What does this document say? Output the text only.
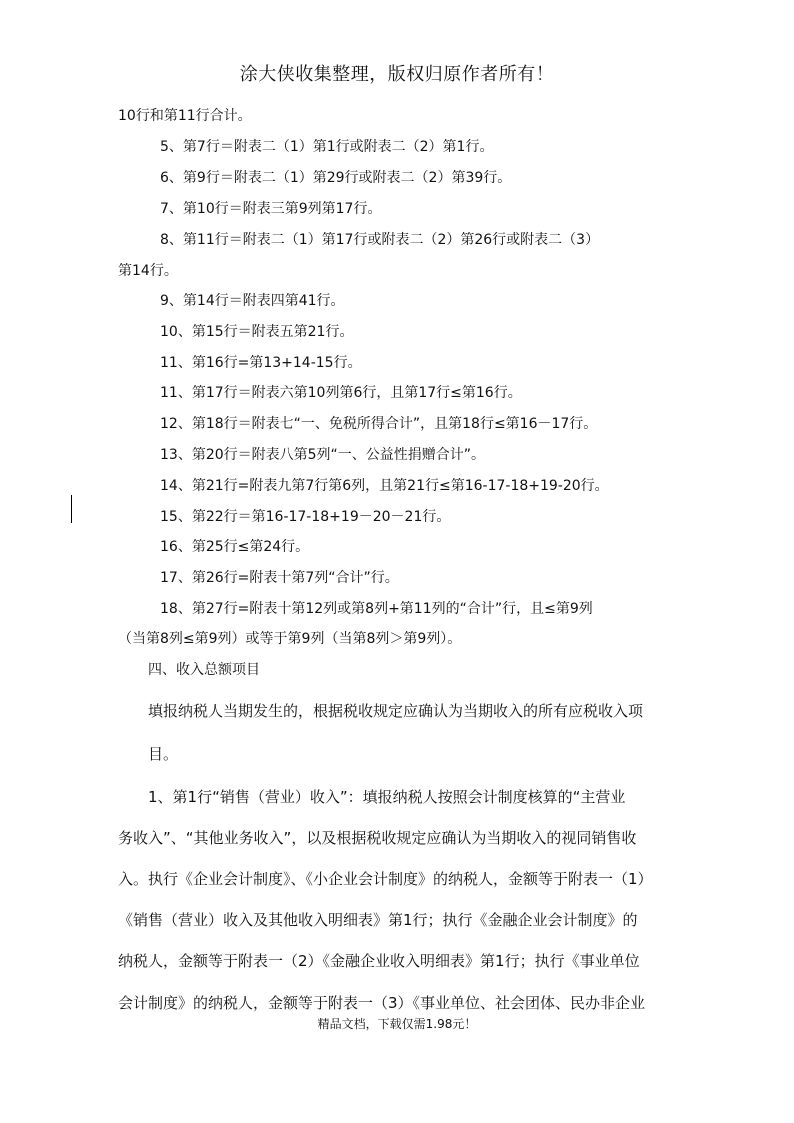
涂大侠收集整理，版权归原作者所有！
10行和第11行合计。
5、第7行＝附表二（1）第1行或附表二（2）第1行。
6、第9行＝附表二（1）第29行或附表二（2）第39行。
7、第10行＝附表三第9列第17行。
8、第11行＝附表二（1）第17行或附表二（2）第26行或附表二（3）
第14行。
9、第14行＝附表四第41行。
10、第15行＝附表五第21行。
11、第16行=第13+14-15行。
11、第17行＝附表六第10列第6行，且第17行≤第16行。
12、第18行＝附表七“一、免税所得合计”，且第18行≤第16－17行。
13、第20行＝附表八第5列“一、公益性捐赠合计”。
14、第21行=附表九第7行第6列，且第21行≤第16-17-18+19-20行。
15、第22行＝第16-17-18+19－20－21行。
16、第25行≤第24行。
17、第26行=附表十第7列“合计”行。
18、第27行=附表十第12列或第8列+第11列的“合计”行，且≤第9列
（当第8列≤第9列）或等于第9列（当第8列＞第9列）。
四、收入总额项目
填报纳税人当期发生的，根据税收规定应确认为当期收入的所有应税收入项
目。
1、第1行“销售（营业）收入”：填报纳税人按照会计制度核算的“主营业
务收入”、“其他业务收入”，以及根据税收规定应确认为当期收入的视同销售收
入。执行《企业会计制度》、《小企业会计制度》的纳税人，金额等于附表一（1）
《销售（营业）收入及其他收入明细表》第1行；执行《金融企业会计制度》的
纳税人，金额等于附表一（2）《金融企业收入明细表》第1行；执行《事业单位
会计制度》的纳税人，金额等于附表一（3）《事业单位、社会团体、民办非企业
精品文档，下载仅需1.98元！
